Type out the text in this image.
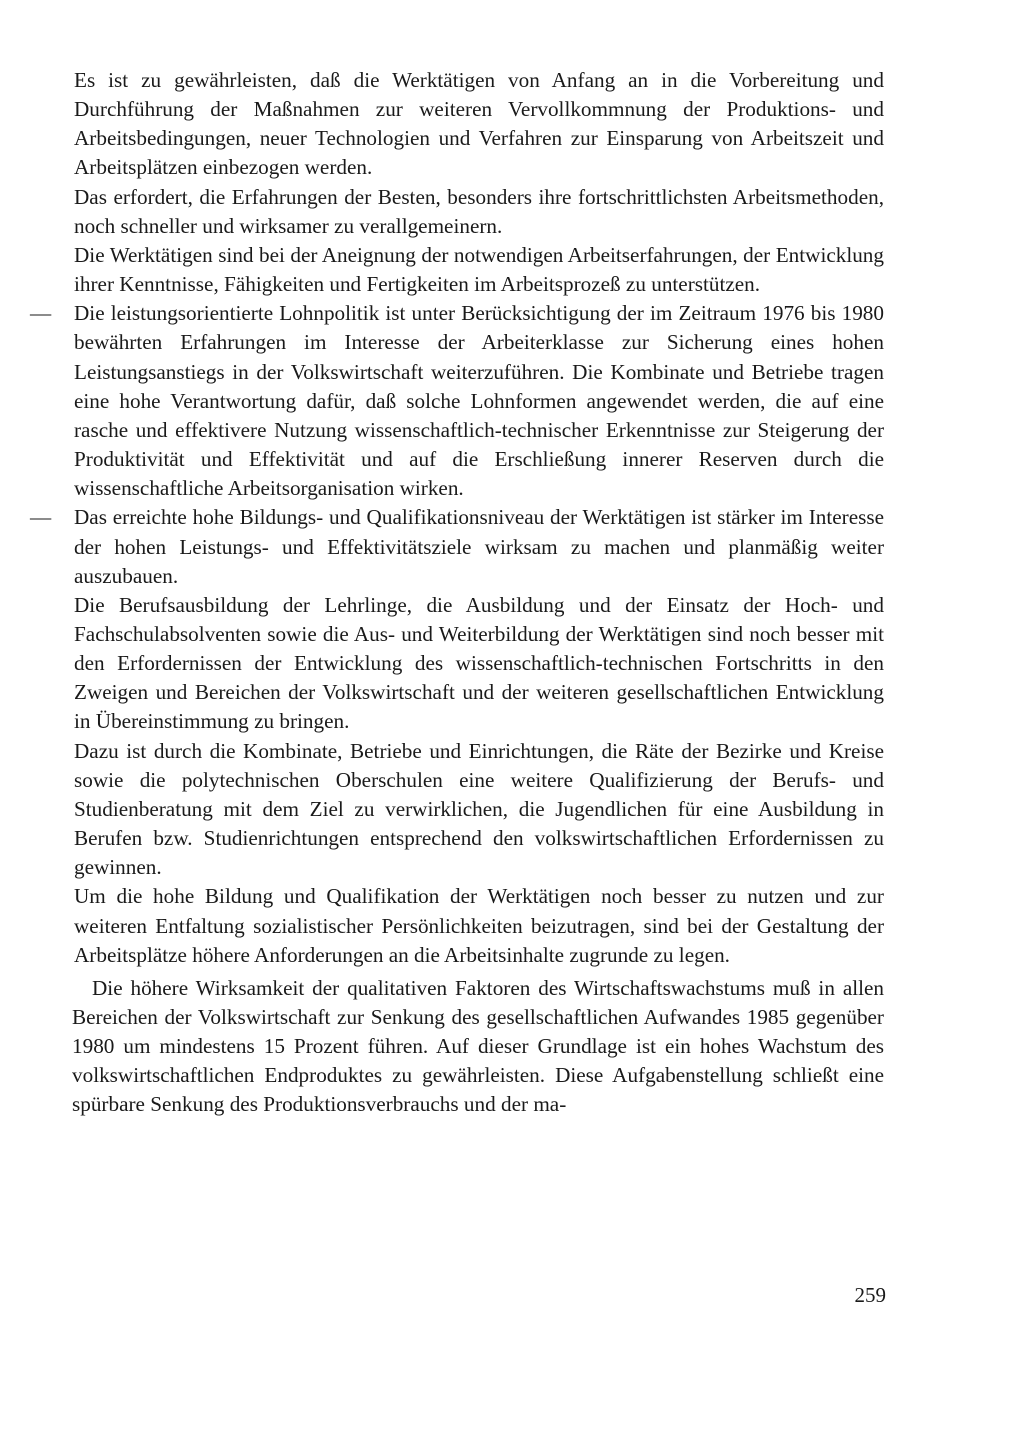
Es ist zu gewährleisten, daß die Werktätigen von Anfang an in die Vorbereitung und Durchführung der Maßnahmen zur weiteren Vervollkommnung der Produktions- und Arbeitsbedingungen, neuer Technologien und Verfahren zur Einsparung von Arbeitszeit und Arbeitsplätzen einbezogen werden.

Das erfordert, die Erfahrungen der Besten, besonders ihre fortschrittlichsten Arbeitsmethoden, noch schneller und wirksamer zu verallgemeinern.

Die Werktätigen sind bei der Aneignung der notwendigen Arbeitserfahrungen, der Entwicklung ihrer Kenntnisse, Fähigkeiten und Fertigkeiten im Arbeitsprozeß zu unterstützen.

— Die leistungsorientierte Lohnpolitik ist unter Berücksichtigung der im Zeitraum 1976 bis 1980 bewährten Erfahrungen im Interesse der Arbeiterklasse zur Sicherung eines hohen Leistungsanstiegs in der Volkswirtschaft weiterzuführen. Die Kombinate und Betriebe tragen eine hohe Verantwortung dafür, daß solche Lohnformen angewendet werden, die auf eine rasche und effektivere Nutzung wissenschaftlich-technischer Erkenntnisse zur Steigerung der Produktivität und Effektivität und auf die Erschließung innerer Reserven durch die wissenschaftliche Arbeitsorganisation wirken.

— Das erreichte hohe Bildungs- und Qualifikationsniveau der Werktätigen ist stärker im Interesse der hohen Leistungs- und Effektivitätsziele wirksam zu machen und planmäßig weiter auszubauen.

Die Berufsausbildung der Lehrlinge, die Ausbildung und der Einsatz der Hoch- und Fachschulabsolventen sowie die Aus- und Weiterbildung der Werktätigen sind noch besser mit den Erfordernissen der Entwicklung des wissenschaftlich-technischen Fortschritts in den Zweigen und Bereichen der Volkswirtschaft und der weiteren gesellschaftlichen Entwicklung in Übereinstimmung zu bringen.

Dazu ist durch die Kombinate, Betriebe und Einrichtungen, die Räte der Bezirke und Kreise sowie die polytechnischen Oberschulen eine weitere Qualifizierung der Berufs- und Studienberatung mit dem Ziel zu verwirklichen, die Jugendlichen für eine Ausbildung in Berufen bzw. Studienrichtungen entsprechend den volkswirtschaftlichen Erfordernissen zu gewinnen.

Um die hohe Bildung und Qualifikation der Werktätigen noch besser zu nutzen und zur weiteren Entfaltung sozialistischer Persönlichkeiten beizutragen, sind bei der Gestaltung der Arbeitsplätze höhere Anforderungen an die Arbeitsinhalte zugrunde zu legen.

Die höhere Wirksamkeit der qualitativen Faktoren des Wirtschaftswachstums muß in allen Bereichen der Volkswirtschaft zur Senkung des gesellschaftlichen Aufwandes 1985 gegenüber 1980 um mindestens 15 Prozent führen. Auf dieser Grundlage ist ein hohes Wachstum des volkswirtschaftlichen Endproduktes zu gewährleisten. Diese Aufgabenstellung schließt eine spürbare Senkung des Produktionsverbrauchs und der ma-

259
